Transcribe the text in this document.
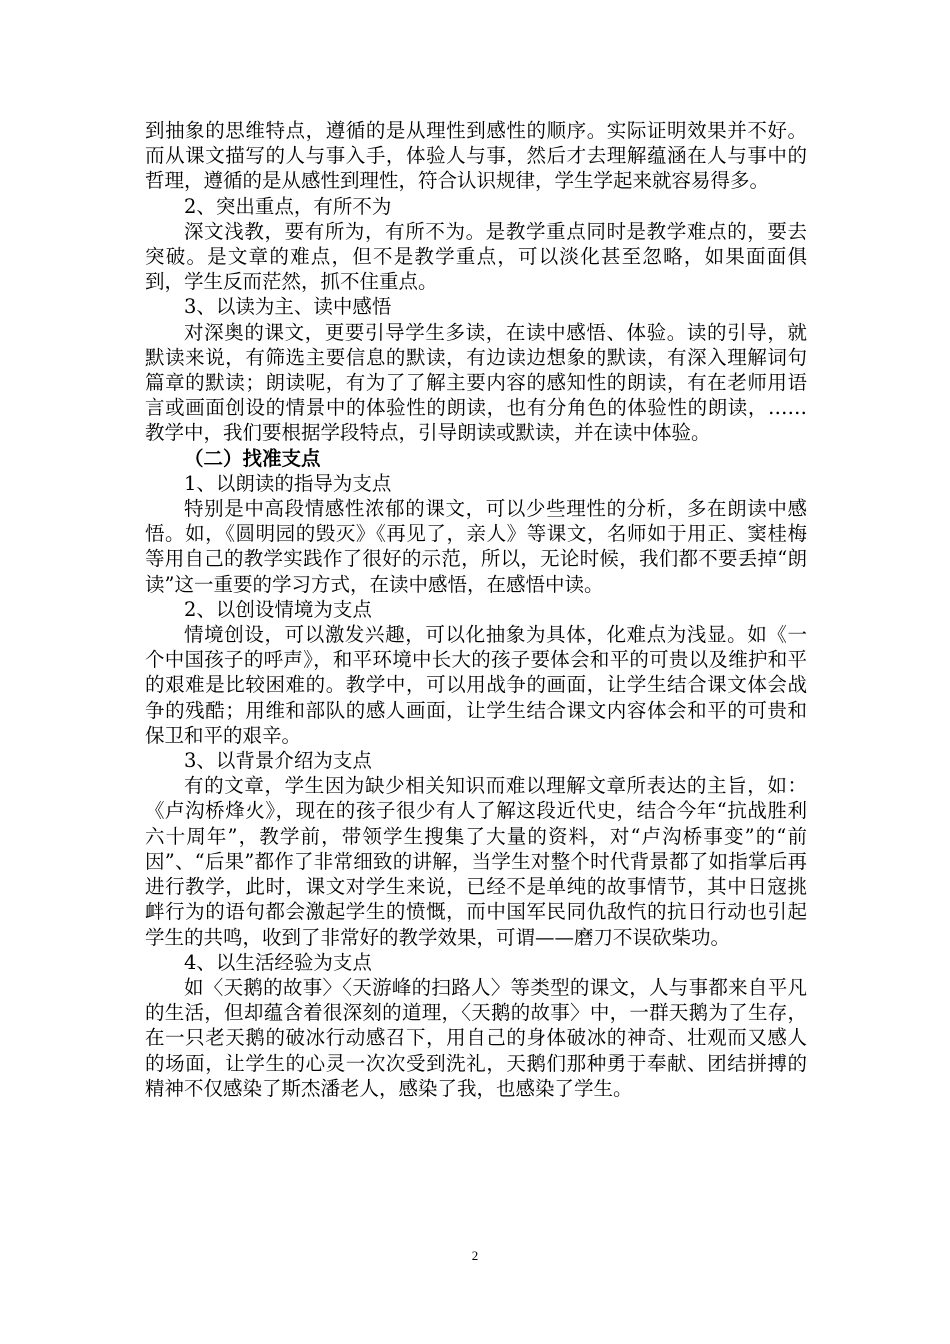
到抽象的思维特点，遵循的是从理性到感性的顺序。实际证明效果并不好。而从课文描写的人与事入手，体验人与事，然后才去理解蕴涵在人与事中的哲理，遵循的是从感性到理性，符合认识规律，学生学起来就容易得多。

2、突出重点，有所不为

深文浅教，要有所为，有所不为。是教学重点同时是教学难点的，要去突破。是文章的难点，但不是教学重点，可以淡化甚至忽略，如果面面俱到，学生反而茫然，抓不住重点。

3、以读为主、读中感悟

对深奥的课文，更要引导学生多读，在读中感悟、体验。读的引导，就默读来说，有筛选主要信息的默读，有边读边想象的默读，有深入理解词句篇章的默读；朗读呢，有为了了解主要内容的感知性的朗读，有在老师用语言或画面创设的情景中的体验性的朗读，也有分角色的体验性的朗读，……教学中，我们要根据学段特点，引导朗读或默读，并在读中体验。

（二）找准支点

1、以朗读的指导为支点

特别是中高段情感性浓郁的课文，可以少些理性的分析，多在朗读中感悟。如，《圆明园的毁灭》《再见了，亲人》等课文，名师如于用正、窦桂梅等用自己的教学实践作了很好的示范，所以，无论时候，我们都不要丢掉“朗读”这一重要的学习方式，在读中感悟，在感悟中读。

2、以创设情境为支点

情境创设，可以激发兴趣，可以化抽象为具体，化难点为浅显。如《一个中国孩子的呼声》，和平环境中长大的孩子要体会和平的可贵以及维护和平的艰难是比较困难的。教学中，可以用战争的画面，让学生结合课文体会战争的残酷；用维和部队的感人画面，让学生结合课文内容体会和平的可贵和保卫和平的艰辛。

3、以背景介绍为支点

有的文章，学生因为缺少相关知识而难以理解文章所表达的主旨，如：《卢沟桥烽火》，现在的孩子很少有人了解这段近代史，结合今年“抗战胜利六十周年”，教学前，带领学生搜集了大量的资料，对“卢沟桥事变”的“前因”、“后果”都作了非常细致的讲解，当学生对整个时代背景都了如指掌后再进行教学，此时，课文对学生来说，已经不是单纯的故事情节，其中日寇挑衅行为的语句都会激起学生的愤慨，而中国军民同仇敌忾的抗日行动也引起学生的共鸣，收到了非常好的教学效果，可谓——磨刀不误砍柴功。

4、以生活经验为支点

如〈天鹅的故事〉〈天游峰的扫路人〉等类型的课文，人与事都来自平凡的生活，但却蕴含着很深刻的道理，〈天鹅的故事〉中，一群天鹅为了生存，在一只老天鹅的破冰行动感召下，用自己的身体破冰的神奇、壮观而又感人的场面，让学生的心灵一次次受到洗礼，天鹅们那种勇于奉献、团结拼搏的精神不仅感染了斯杰潘老人，感染了我，也感染了学生。

2
